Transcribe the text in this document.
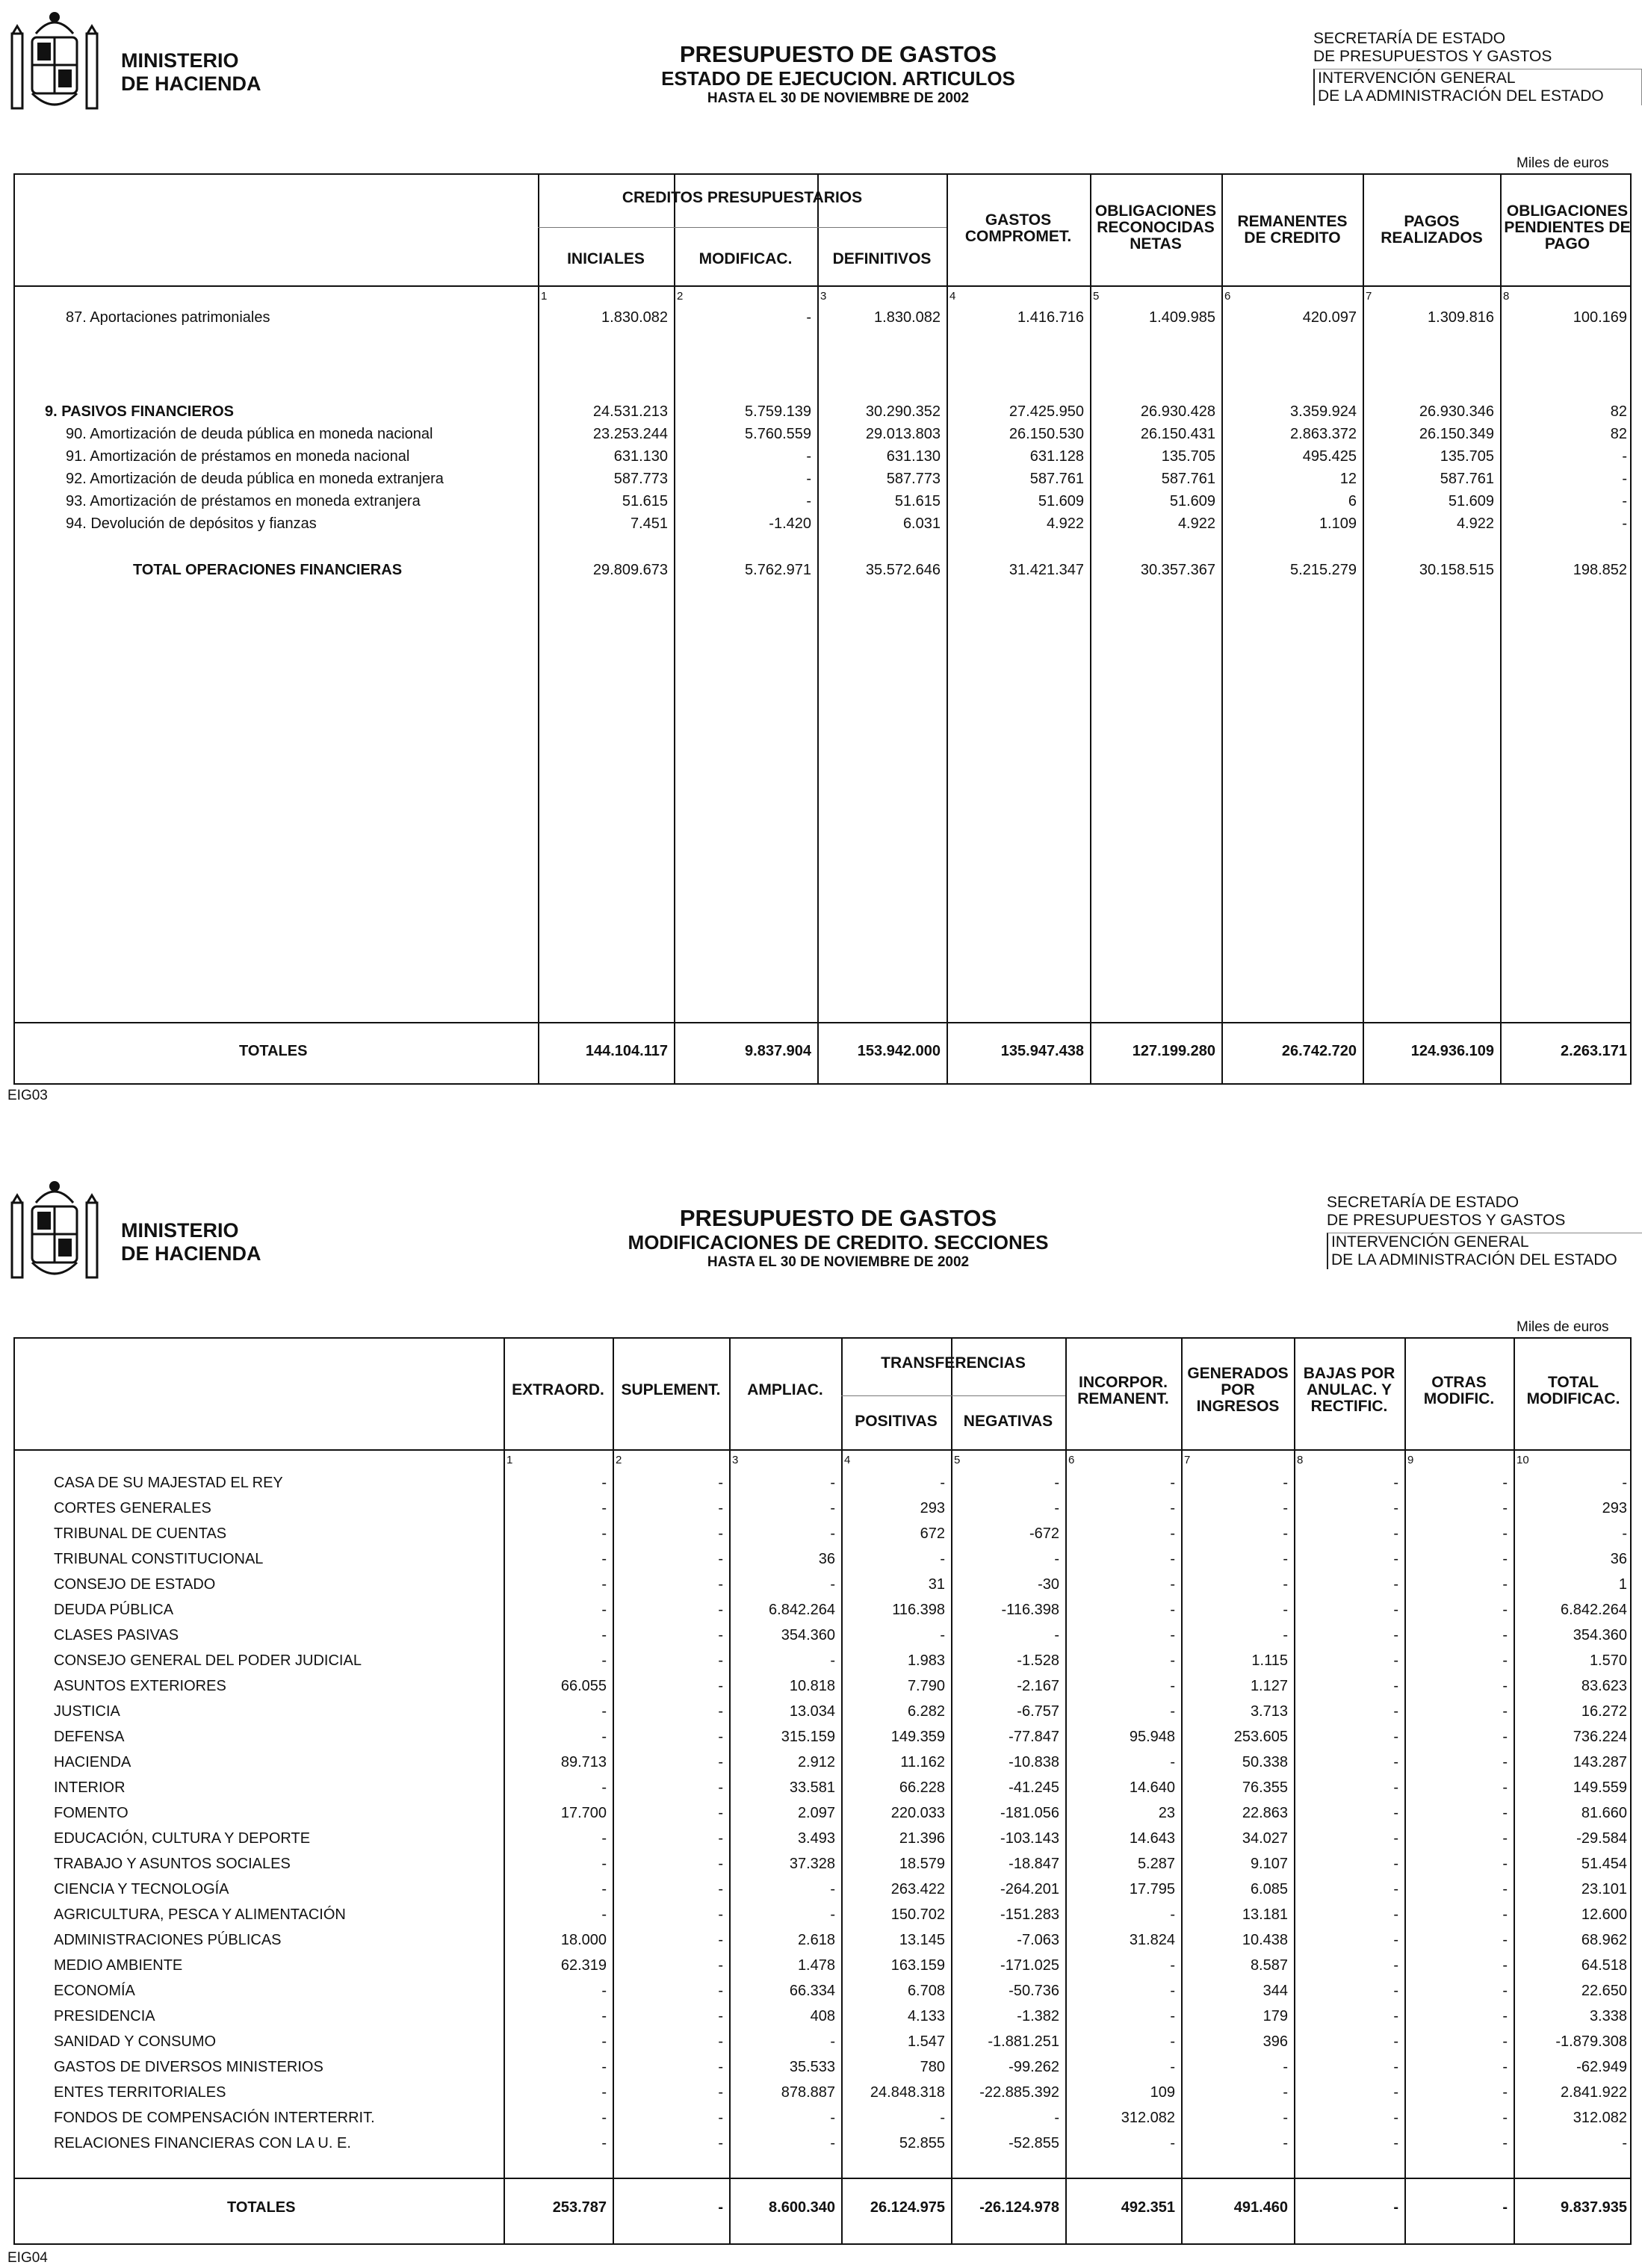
MINISTERIO
DE HACIENDA
PRESUPUESTO DE GASTOS
ESTADO DE EJECUCION. ARTICULOS
HASTA EL 30 DE NOVIEMBRE DE 2002
SECRETARÍA DE ESTADO
DE PRESUPUESTOS Y GASTOS
INTERVENCIÓN GENERAL
DE LA ADMINISTRACIÓN DEL ESTADO
Miles de euros
CREDITOS PRESUPUESTARIOS
INICIALES	MODIFICAC.	DEFINITIVOS
GASTOS COMPROMET.
OBLIGACIONES RECONOCIDAS NETAS
REMANENTES DE CREDITO
PAGOS REALIZADOS
OBLIGACIONES PENDIENTES DE PAGO
1	2	3	4	5	6	7	8
87. Aportaciones patrimoniales	1.830.082	-	1.830.082	1.416.716	1.409.985	420.097	1.309.816	100.169
9. PASIVOS FINANCIEROS	24.531.213	5.759.139	30.290.352	27.425.950	26.930.428	3.359.924	26.930.346	82
90. Amortización de deuda pública en moneda nacional	23.253.244	5.760.559	29.013.803	26.150.530	26.150.431	2.863.372	26.150.349	82
91. Amortización de préstamos en moneda nacional	631.130	-	631.130	631.128	135.705	495.425	135.705	-
92. Amortización de deuda pública en moneda extranjera	587.773	-	587.773	587.761	587.761	12	587.761	-
93. Amortización de préstamos en moneda extranjera	51.615	-	51.615	51.609	51.609	6	51.609	-
94. Devolución de depósitos y fianzas	7.451	-1.420	6.031	4.922	4.922	1.109	4.922	-
TOTAL OPERACIONES FINANCIERAS	29.809.673	5.762.971	35.572.646	31.421.347	30.357.367	5.215.279	30.158.515	198.852
TOTALES	144.104.117	9.837.904	153.942.000	135.947.438	127.199.280	26.742.720	124.936.109	2.263.171
EIG03
MINISTERIO
DE HACIENDA
PRESUPUESTO DE GASTOS
MODIFICACIONES DE CREDITO. SECCIONES
HASTA EL 30 DE NOVIEMBRE DE 2002
SECRETARÍA DE ESTADO
DE PRESUPUESTOS Y GASTOS
INTERVENCIÓN GENERAL
DE LA ADMINISTRACIÓN DEL ESTADO
Miles de euros
EXTRAORD.	SUPLEMENT.	AMPLIAC.
TRANSFERENCIAS
POSITIVAS	NEGATIVAS
INCORPOR. REMANENT.
GENERADOS POR INGRESOS
BAJAS POR ANULAC. Y RECTIFIC.
OTRAS MODIFIC.
TOTAL MODIFICAC.
1	2	3	4	5	6	7	8	9	10
CASA DE SU MAJESTAD EL REY	-	-	-	-	-	-	-	-	-	-
CORTES GENERALES	-	-	-	293	-	-	-	-	-	293
TRIBUNAL DE CUENTAS	-	-	-	672	-672	-	-	-	-	-
TRIBUNAL CONSTITUCIONAL	-	-	36	-	-	-	-	-	-	36
CONSEJO DE ESTADO	-	-	-	31	-30	-	-	-	-	1
DEUDA PÚBLICA	-	-	6.842.264	116.398	-116.398	-	-	-	-	6.842.264
CLASES PASIVAS	-	-	354.360	-	-	-	-	-	-	354.360
CONSEJO GENERAL DEL PODER JUDICIAL	-	-	-	1.983	-1.528	-	1.115	-	-	1.570
ASUNTOS EXTERIORES	66.055	-	10.818	7.790	-2.167	-	1.127	-	-	83.623
JUSTICIA	-	-	13.034	6.282	-6.757	-	3.713	-	-	16.272
DEFENSA	-	-	315.159	149.359	-77.847	95.948	253.605	-	-	736.224
HACIENDA	89.713	-	2.912	11.162	-10.838	-	50.338	-	-	143.287
INTERIOR	-	-	33.581	66.228	-41.245	14.640	76.355	-	-	149.559
FOMENTO	17.700	-	2.097	220.033	-181.056	23	22.863	-	-	81.660
EDUCACIÓN, CULTURA Y DEPORTE	-	-	3.493	21.396	-103.143	14.643	34.027	-	-	-29.584
TRABAJO Y ASUNTOS SOCIALES	-	-	37.328	18.579	-18.847	5.287	9.107	-	-	51.454
CIENCIA Y TECNOLOGÍA	-	-	-	263.422	-264.201	17.795	6.085	-	-	23.101
AGRICULTURA, PESCA Y ALIMENTACIÓN	-	-	-	150.702	-151.283	-	13.181	-	-	12.600
ADMINISTRACIONES PÚBLICAS	18.000	-	2.618	13.145	-7.063	31.824	10.438	-	-	68.962
MEDIO AMBIENTE	62.319	-	1.478	163.159	-171.025	-	8.587	-	-	64.518
ECONOMÍA	-	-	66.334	6.708	-50.736	-	344	-	-	22.650
PRESIDENCIA	-	-	408	4.133	-1.382	-	179	-	-	3.338
SANIDAD Y CONSUMO	-	-	-	1.547	-1.881.251	-	396	-	-	-1.879.308
GASTOS DE DIVERSOS MINISTERIOS	-	-	35.533	780	-99.262	-	-	-	-	-62.949
ENTES TERRITORIALES	-	-	878.887	24.848.318	-22.885.392	109	-	-	-	2.841.922
FONDOS DE COMPENSACIÓN INTERTERRIT.	-	-	-	-	-	312.082	-	-	-	312.082
RELACIONES FINANCIERAS CON LA U. E.	-	-	-	52.855	-52.855	-	-	-	-	-
TOTALES	253.787	-	8.600.340	26.124.975	-26.124.978	492.351	491.460	-	-	9.837.935
EIG04
